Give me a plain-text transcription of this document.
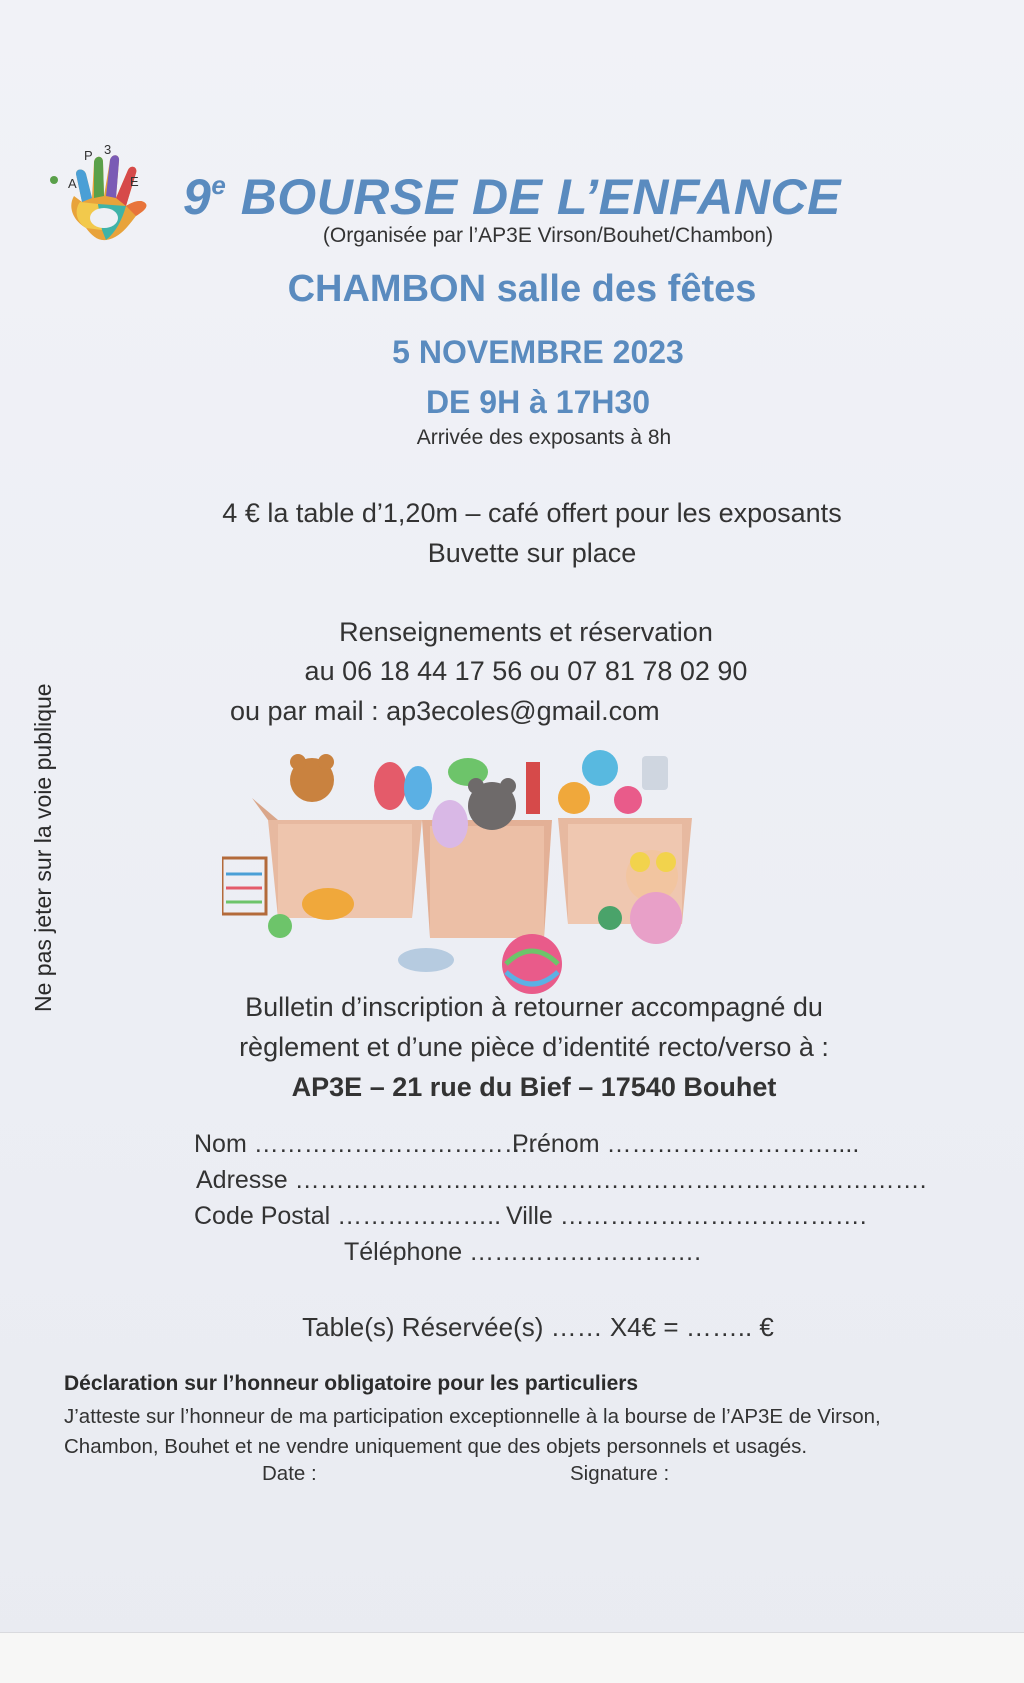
A
P 3
E 9e BOURSE DE L’ENFANCE
(Organisée par l’AP3E Virson/Bouhet/Chambon)
CHAMBON salle des fêtes
5 NOVEMBRE 2023
DE 9H à 17H30
Arrivée des exposants à 8h
4 € la table d’1,20m – café offert pour les exposants
Buvette sur place
Renseignements et réservation
au 06 18 44 17 56 ou 07 81 78 02 90
ou par mail : ap3ecoles@gmail.com
Ne pas jeter sur la voie publique	Bulletin d’inscription à retourner accompagné du
règlement et d’une pièce d’identité recto/verso à :
AP3E – 21 rue du Bief – 17540 Bouhet
Nom …………………………….
Prénom ………………………....
Adresse ………………………………………………………………….
Code Postal ……………….. Ville ……………………………….
Téléphone ……………………….
Table(s) Réservée(s) …… X4€ = …….. €
Déclaration sur l’honneur obligatoire pour les particuliers
J’atteste sur l’honneur de ma participation exceptionnelle à la bourse de l’AP3E de Virson, Chambon, Bouhet et ne vendre uniquement que des objets personnels et usagés.
Date :	Signature :
